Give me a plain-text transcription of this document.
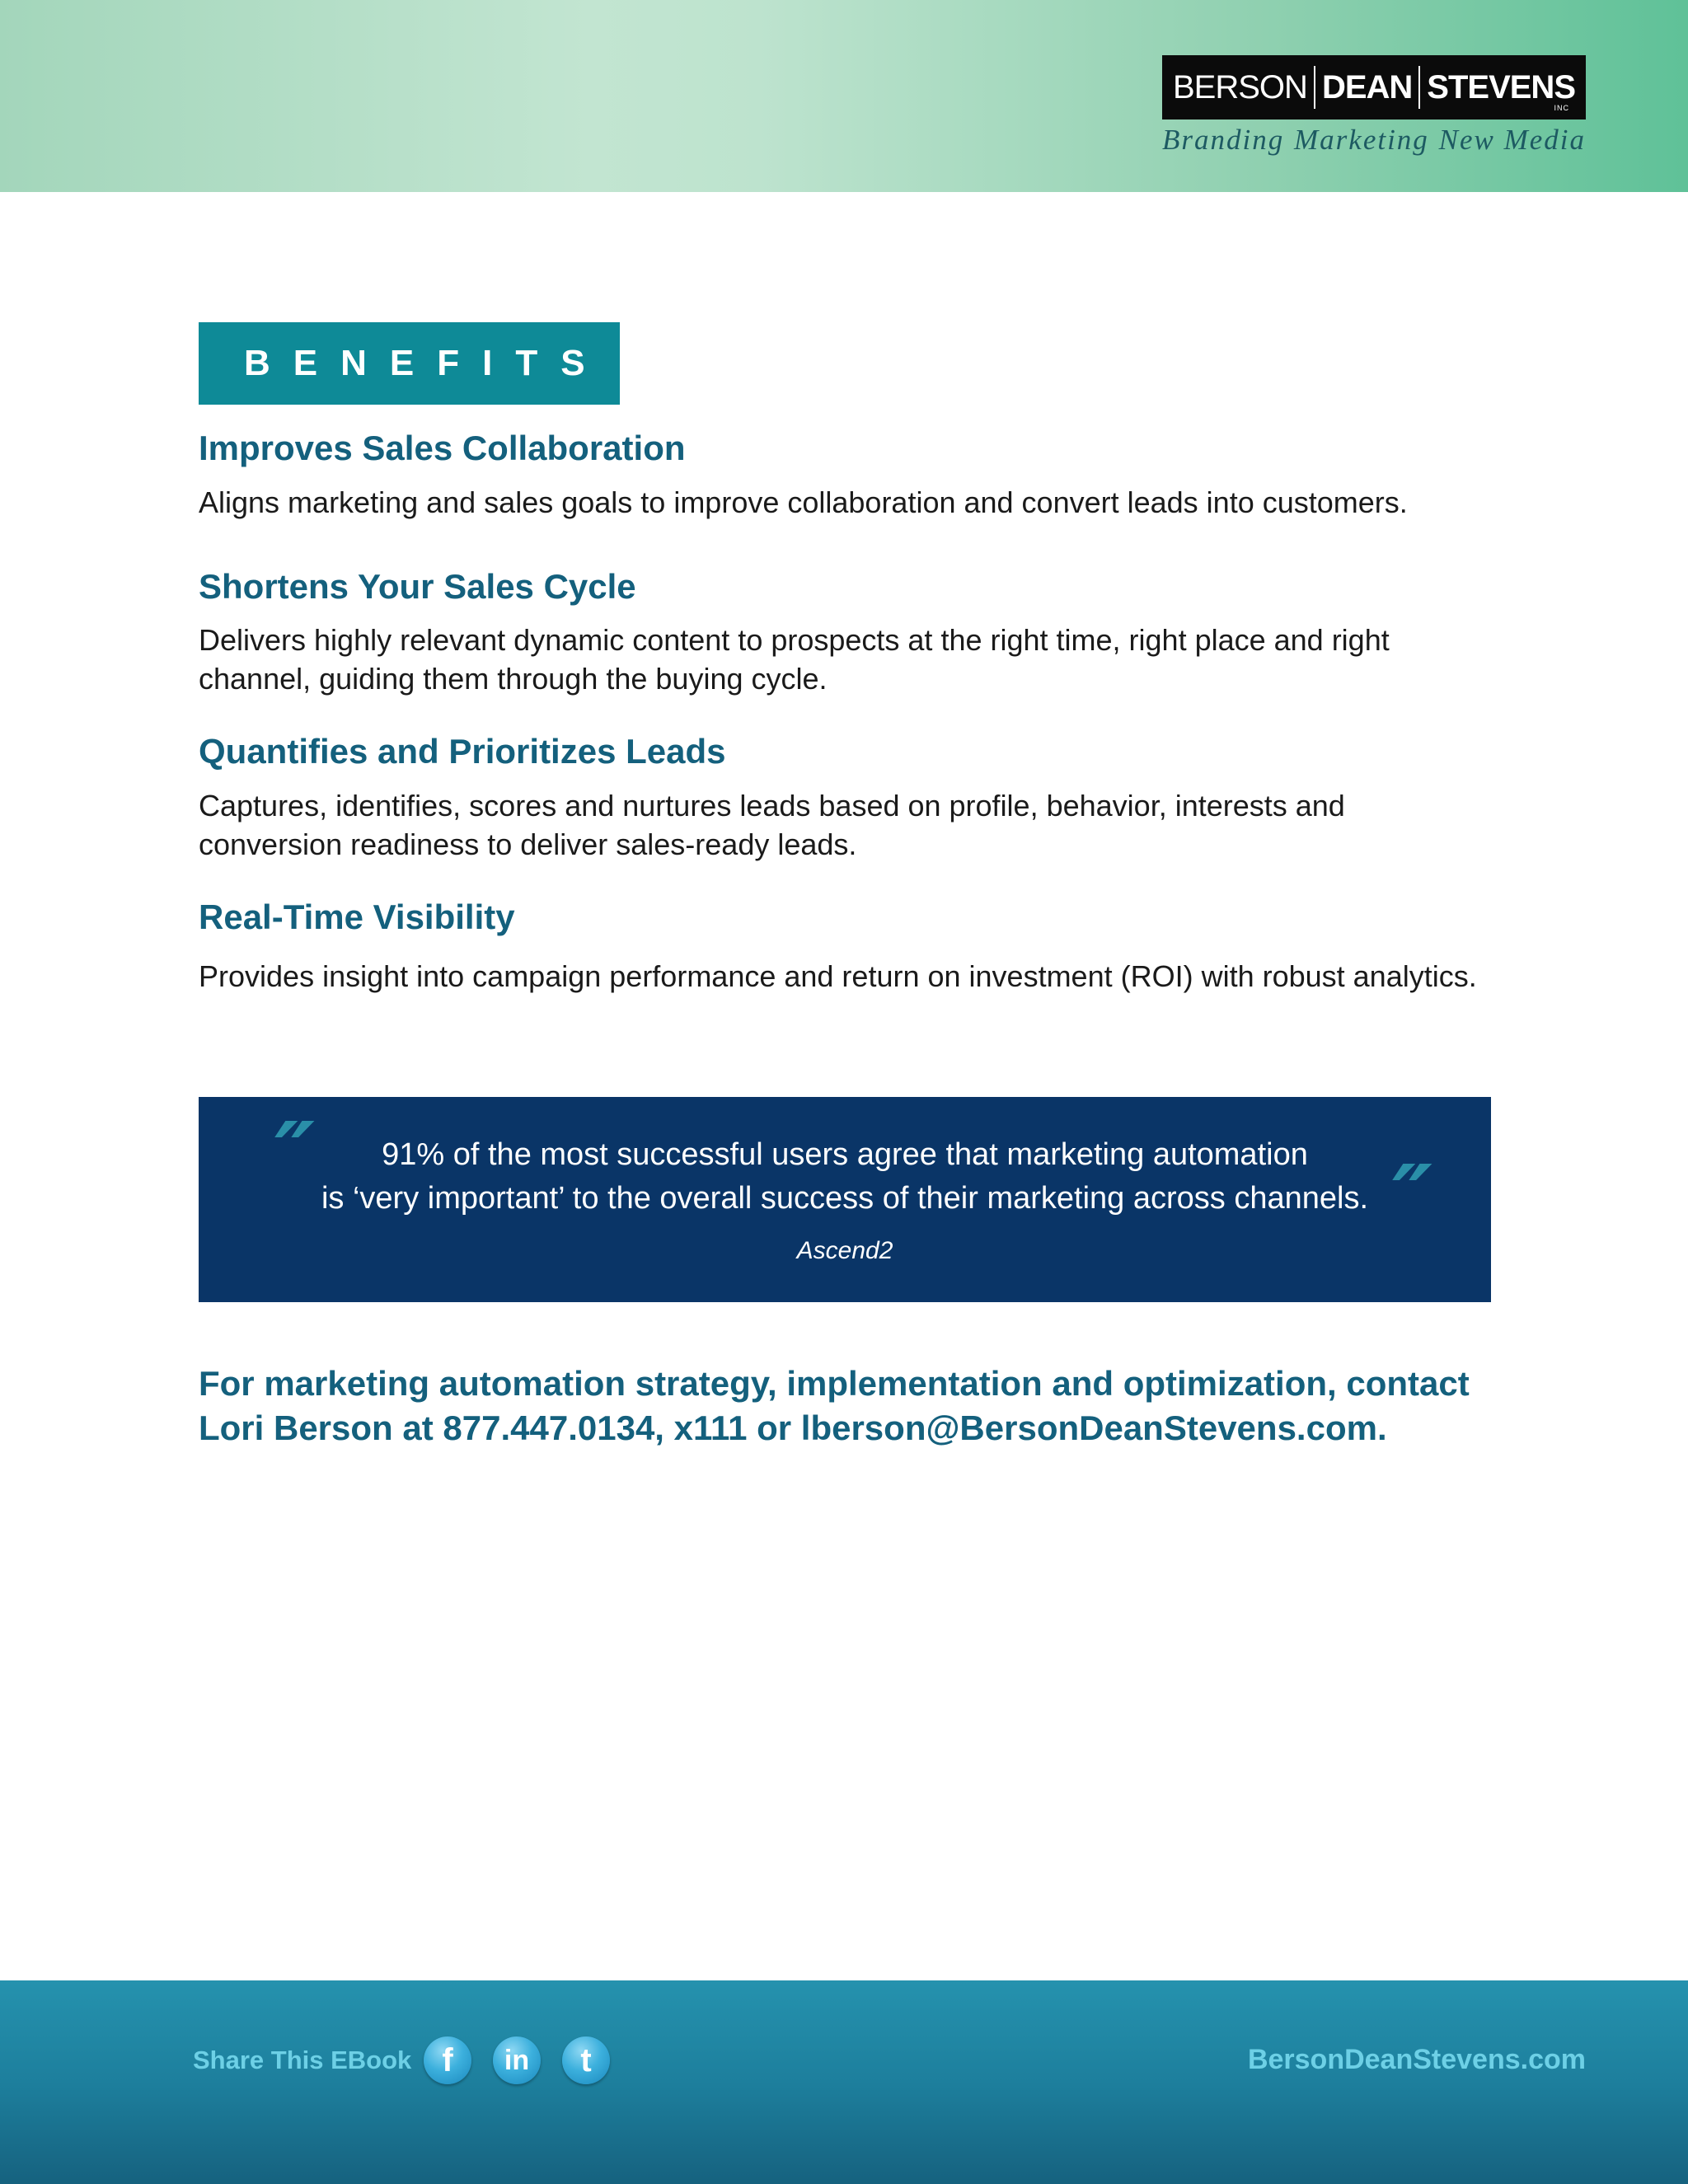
BERSON DEAN STEVENS
INC
Branding Marketing New Media
BENEFITS
Improves Sales Collaboration
Aligns marketing and sales goals to improve collaboration and convert leads into customers.
Shortens Your Sales Cycle
Delivers highly relevant dynamic content to prospects at the right time, right place and right channel, guiding them through the buying cycle.
Quantifies and Prioritizes Leads
Captures, identifies, scores and nurtures leads based on profile, behavior, interests and conversion readiness to deliver sales-ready leads.
Real-Time Visibility
Provides insight into campaign performance and return on investment (ROI) with robust analytics.
″	91% of the most successful users agree that marketing automation
is ‘very important’ to the overall success of their marketing across channels. ″
Ascend2
For marketing automation strategy, implementation and optimization, contact
Lori Berson at 877.447.0134, x111 or lberson@BersonDeanStevens.com.
Share This EBook f	in	t	BersonDeanStevens.com
